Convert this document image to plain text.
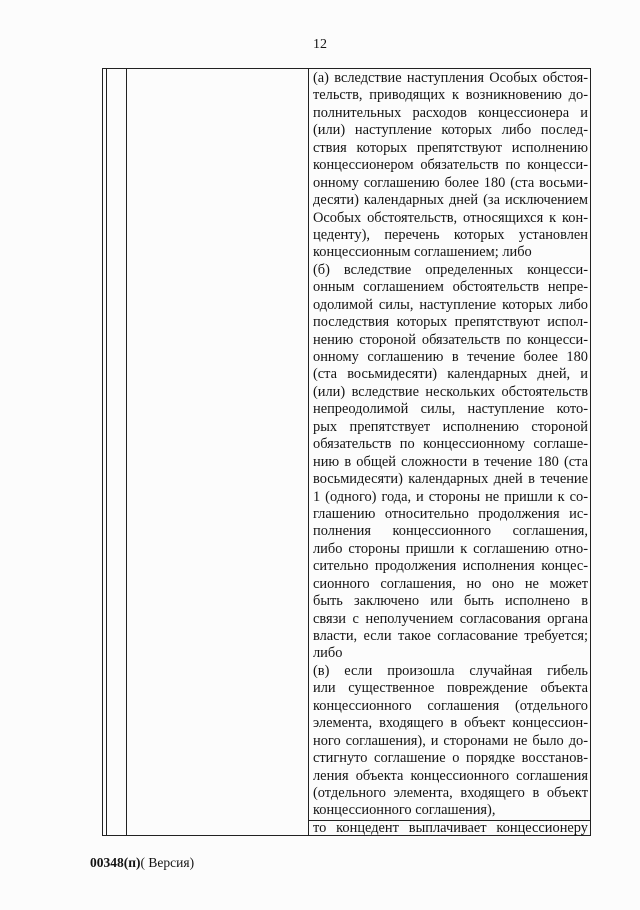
12
(а) вследствие наступления Особых обстоя-
тельств, приводящих к возникновению до-
полнительных расходов концессионера и
(или) наступление которых либо послед-
ствия которых препятствуют исполнению
концессионером обязательств по концесси-
онному соглашению более 180 (ста восьми-
десяти) календарных дней (за исключением
Особых обстоятельств, относящихся к кон-
цеденту), перечень которых установлен
концессионным соглашением; либо
(б) вследствие определенных концесси-
онным соглашением обстоятельств непре-
одолимой силы, наступление которых либо
последствия которых препятствуют испол-
нению стороной обязательств по концесси-
онному соглашению в течение более 180
(ста восьмидесяти) календарных дней, и
(или) вследствие нескольких обстоятельств
непреодолимой силы, наступление кото-
рых препятствует исполнению стороной
обязательств по концессионному соглаше-
нию в общей сложности в течение 180 (ста
восьмидесяти) календарных дней в течение
1 (одного) года, и стороны не пришли к со-
глашению относительно продолжения ис-
полнения концессионного соглашения,
либо стороны пришли к соглашению отно-
сительно продолжения исполнения концес-
сионного соглашения, но оно не может
быть заключено или быть исполнено в
связи с неполучением согласования органа
власти, если такое согласование требуется;
либо
(в) если произошла случайная гибель
или существенное повреждение объекта
концессионного соглашения (отдельного
элемента, входящего в объект концессион-
ного соглашения), и сторонами не было до-
стигнуто соглашение о порядке восстанов-
ления объекта концессионного соглашения
(отдельного элемента, входящего в объект
концессионного соглашения),
то концедент выплачивает концессионеру
00348(п)( Версия)
